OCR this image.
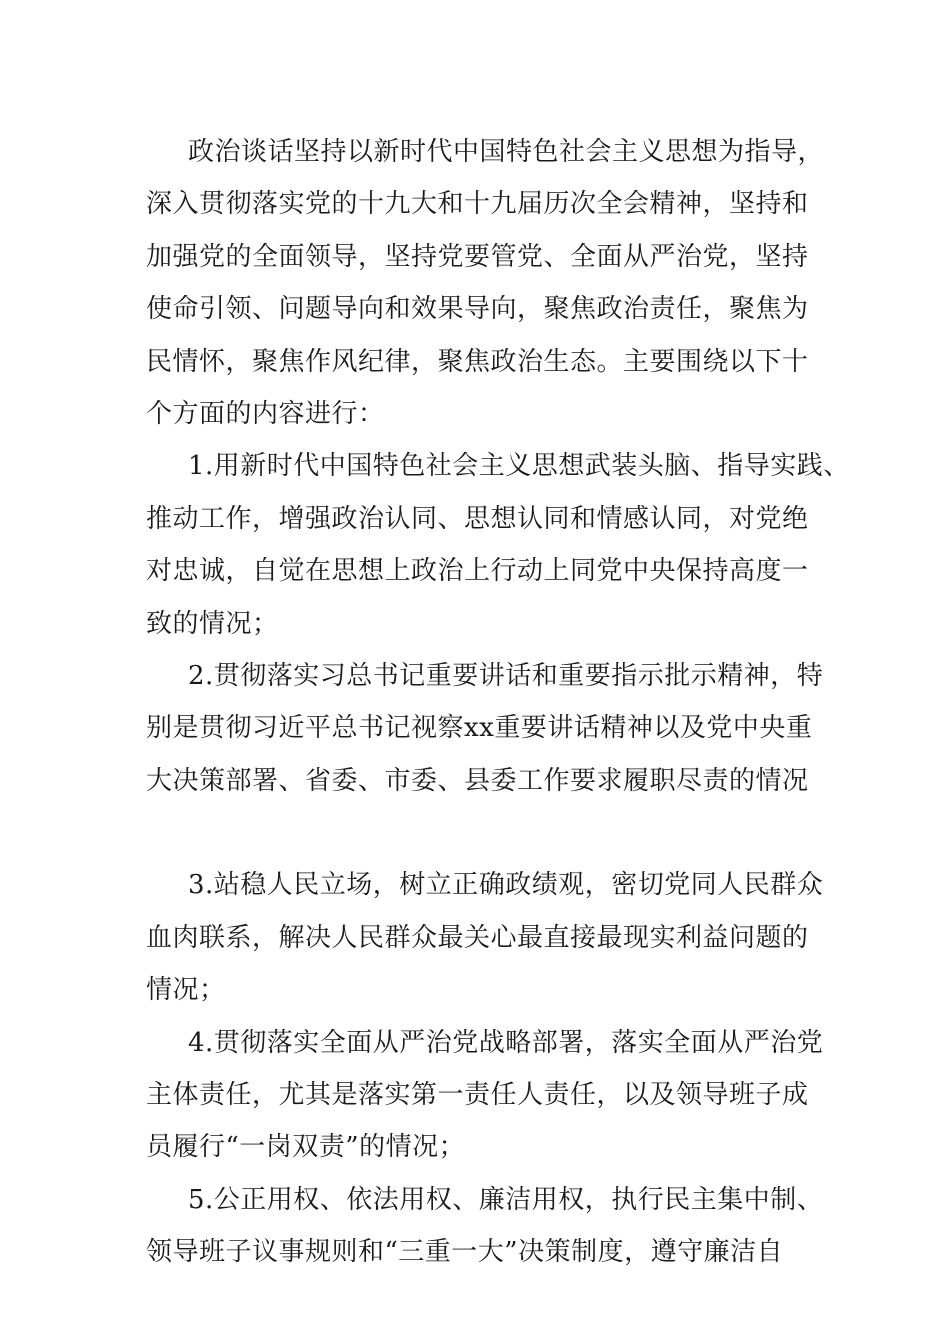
政治谈话坚持以新时代中国特色社会主义思想为指导，
深入贯彻落实党的十九大和十九届历次全会精神，坚持和
加强党的全面领导，坚持党要管党、全面从严治党，坚持
使命引领、问题导向和效果导向，聚焦政治责任，聚焦为
民情怀，聚焦作风纪律，聚焦政治生态。主要围绕以下十
个方面的内容进行：
1.用新时代中国特色社会主义思想武装头脑、指导实践、
推动工作，增强政治认同、思想认同和情感认同，对党绝
对忠诚，自觉在思想上政治上行动上同党中央保持高度一
致的情况；
2.贯彻落实习总书记重要讲话和重要指示批示精神，特
别是贯彻习近平总书记视察xx重要讲话精神以及党中央重
大决策部署、省委、市委、县委工作要求履职尽责的情况
3.站稳人民立场，树立正确政绩观，密切党同人民群众
血肉联系，解决人民群众最关心最直接最现实利益问题的
情况；
4.贯彻落实全面从严治党战略部署，落实全面从严治党
主体责任，尤其是落实第一责任人责任，以及领导班子成
员履行“一岗双责”的情况；
5.公正用权、依法用权、廉洁用权，执行民主集中制、
领导班子议事规则和“三重一大”决策制度，遵守廉洁自
